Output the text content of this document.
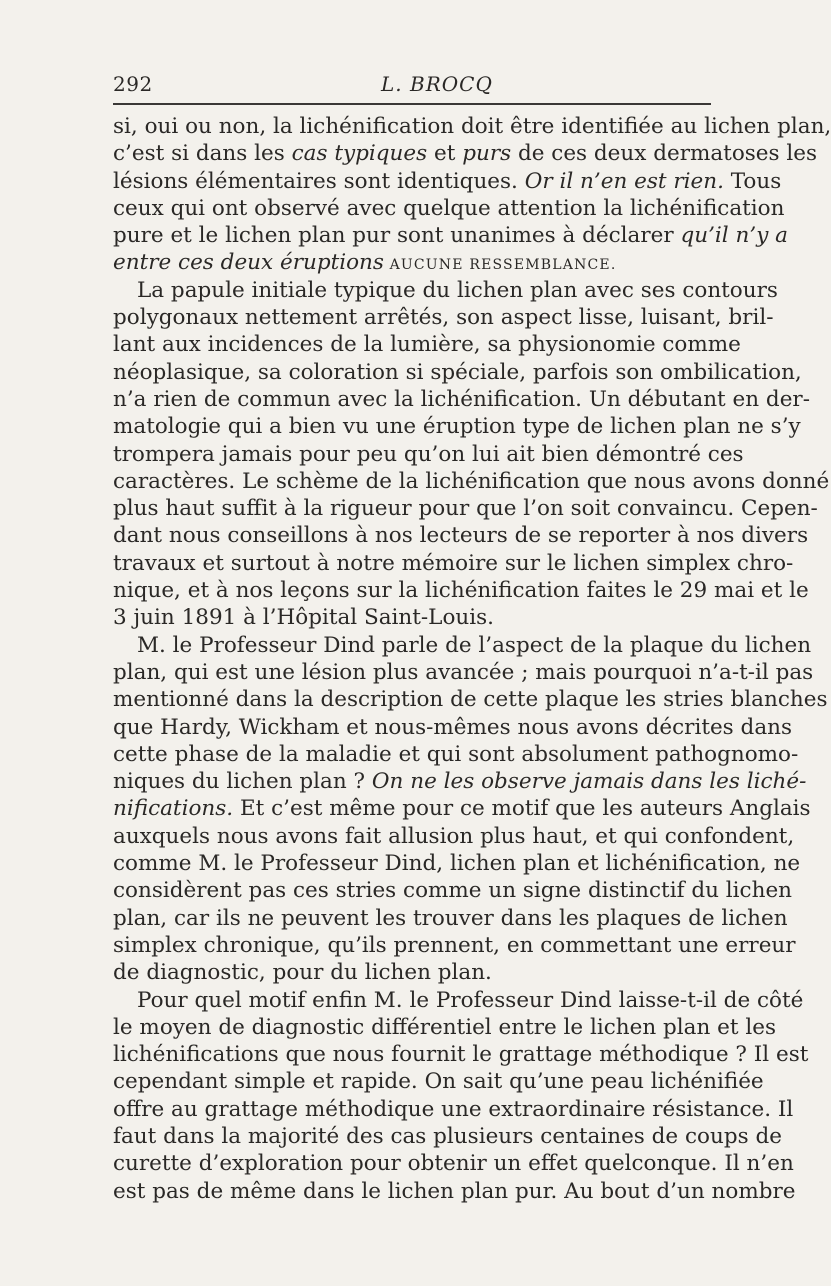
292	L. BROCQ
si, oui ou non, la lichénification doit être identifiée au lichen plan,
c’est si dans les cas typiques et purs de ces deux dermatoses les
lésions élémentaires sont identiques. Or il n’en est rien. Tous
ceux qui ont observé avec quelque attention la lichénification
pure et le lichen plan pur sont unanimes à déclarer qu’il n’y a
entre ces deux éruptions AUCUNE RESSEMBLANCE.
La papule initiale typique du lichen plan avec ses contours
polygonaux nettement arrêtés, son aspect lisse, luisant, bril-
lant aux incidences de la lumière, sa physionomie comme
néoplasique, sa coloration si spéciale, parfois son ombilication,
n’a rien de commun avec la lichénification. Un débutant en der-
matologie qui a bien vu une éruption type de lichen plan ne s’y
trompera jamais pour peu qu’on lui ait bien démontré ces
caractères. Le schème de la lichénification que nous avons donné
plus haut suffit à la rigueur pour que l’on soit convaincu. Cepen-
dant nous conseillons à nos lecteurs de se reporter à nos divers
travaux et surtout à notre mémoire sur le lichen simplex chro-
nique, et à nos leçons sur la lichénification faites le 29 mai et le
3 juin 1891 à l’Hôpital Saint-Louis.
M. le Professeur Dind parle de l’aspect de la plaque du lichen
plan, qui est une lésion plus avancée ; mais pourquoi n’a-t-il pas
mentionné dans la description de cette plaque les stries blanches
que Hardy, Wickham et nous-mêmes nous avons décrites dans
cette phase de la maladie et qui sont absolument pathognomo-
niques du lichen plan ? On ne les observe jamais dans les liché-
nifications. Et c’est même pour ce motif que les auteurs Anglais
auxquels nous avons fait allusion plus haut, et qui confondent,
comme M. le Professeur Dind, lichen plan et lichénification, ne
considèrent pas ces stries comme un signe distinctif du lichen
plan, car ils ne peuvent les trouver dans les plaques de lichen
simplex chronique, qu’ils prennent, en commettant une erreur
de diagnostic, pour du lichen plan.
Pour quel motif enfin M. le Professeur Dind laisse-t-il de côté
le moyen de diagnostic différentiel entre le lichen plan et les
lichénifications que nous fournit le grattage méthodique ? Il est
cependant simple et rapide. On sait qu’une peau lichénifiée
offre au grattage méthodique une extraordinaire résistance. Il
faut dans la majorité des cas plusieurs centaines de coups de
curette d’exploration pour obtenir un effet quelconque. Il n’en
est pas de même dans le lichen plan pur. Au bout d’un nombre
